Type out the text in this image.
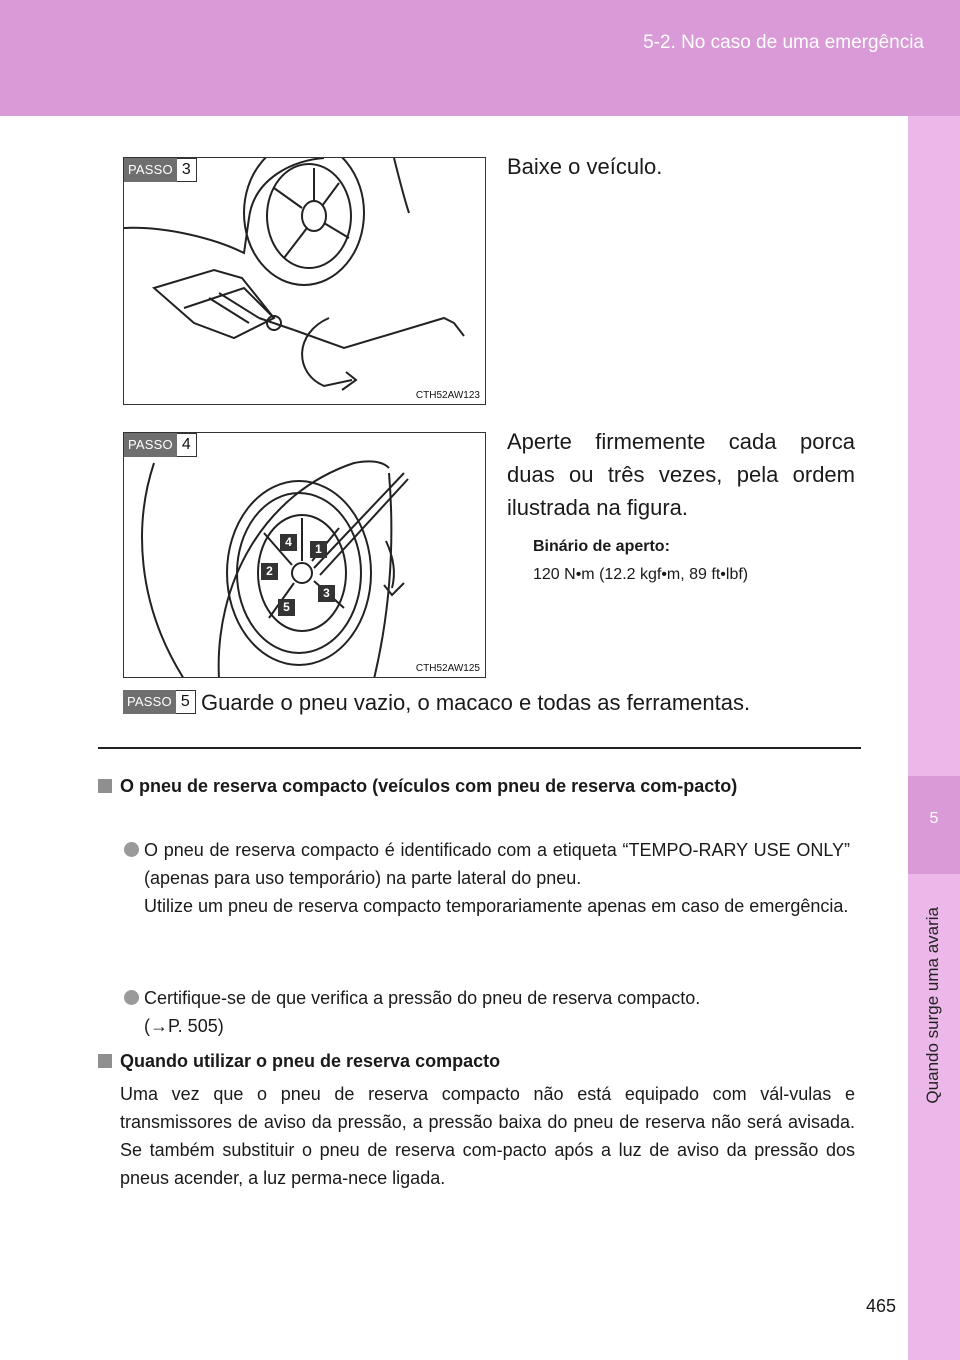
5-2. No caso de uma emergência
5
Quando surge uma avaria
PASSO 3
CTH52AW123
Baixe o veículo.
PASSO 4
1
2
3
4
5
CTH52AW125
Aperte firmemente cada porca duas ou três vezes, pela ordem ilustrada na figura.
Binário de aperto:
120 N•m (12.2 kgf•m, 89 ft•lbf)
PASSO 5 Guarde o pneu vazio, o macaco e todas as ferramentas.
O pneu de reserva compacto (veículos com pneu de reserva com-pacto)
O pneu de reserva compacto é identificado com a etiqueta “TEMPO-RARY USE ONLY” (apenas para uso temporário) na parte lateral do pneu.
Utilize um pneu de reserva compacto temporariamente apenas em caso de emergência.
Certifique-se de que verifica a pressão do pneu de reserva compacto.
(→P. 505)
Quando utilizar o pneu de reserva compacto
Uma vez que o pneu de reserva compacto não está equipado com vál-vulas e transmissores de aviso da pressão, a pressão baixa do pneu de reserva não será avisada. Se também substituir o pneu de reserva com-pacto após a luz de aviso da pressão dos pneus acender, a luz perma-nece ligada.
465
